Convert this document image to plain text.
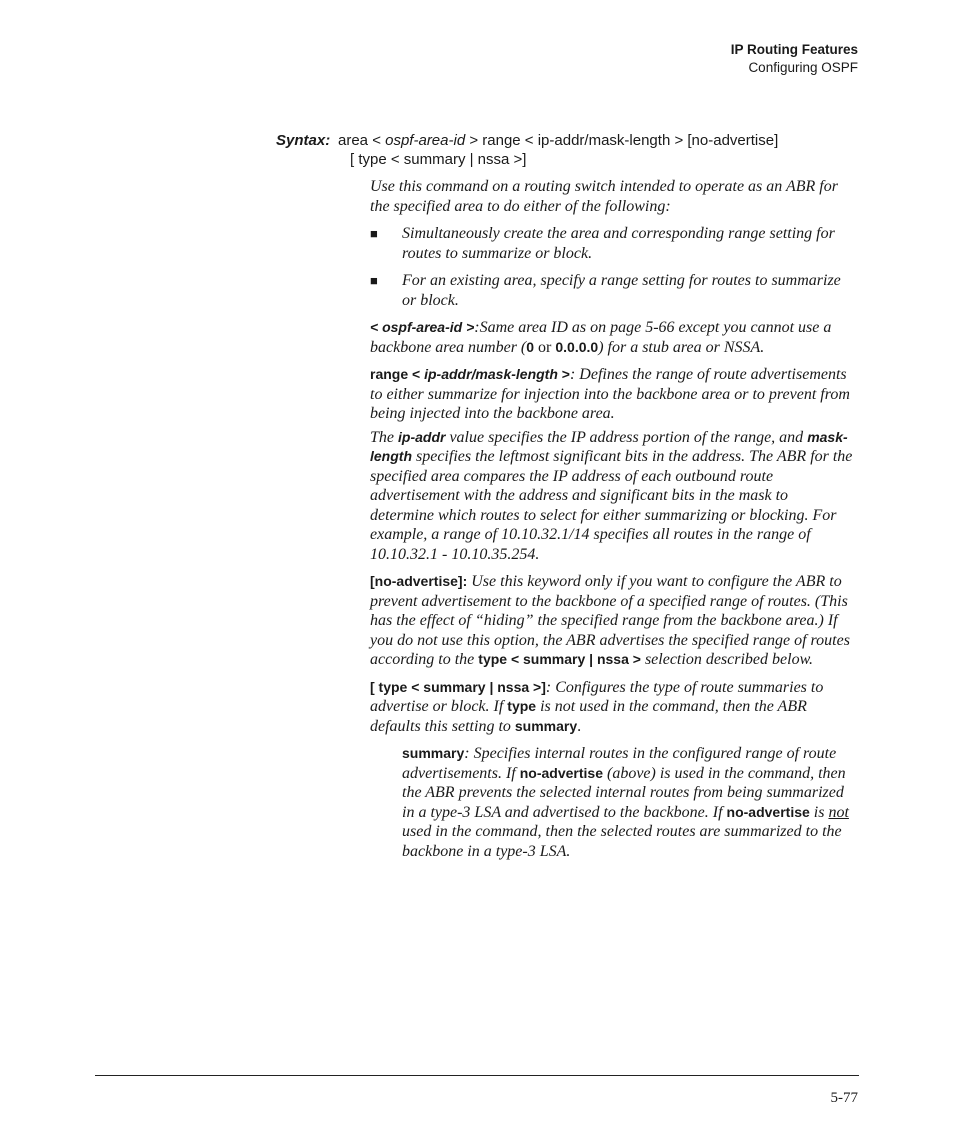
IP Routing Features
Configuring OSPF
Syntax: area < ospf-area-id > range < ip-addr/mask-length > [no-advertise]
[ type < summary | nssa >]

Use this command on a routing switch intended to operate as an ABR for the specified area to do either of the following:

■	Simultaneously create the area and corresponding range setting for routes to summarize or block.
■	For an existing area, specify a range setting for routes to summarize or block.

< ospf-area-id >:Same area ID as on page 5-66 except you cannot use a backbone area number (0 or 0.0.0.0) for a stub area or NSSA.

range < ip-addr/mask-length >: Defines the range of route advertisements to either summarize for injection into the backbone area or to prevent from being injected into the backbone area.

The ip-addr value specifies the IP address portion of the range, and mask-length specifies the leftmost significant bits in the address. The ABR for the specified area compares the IP address of each outbound route advertisement with the address and significant bits in the mask to determine which routes to select for either summarizing or blocking. For example, a range of 10.10.32.1/14 specifies all routes in the range of 10.10.32.1 - 10.10.35.254.

[no-advertise]: Use this keyword only if you want to configure the ABR to prevent advertisement to the backbone of a specified range of routes. (This has the effect of “hiding” the specified range from the backbone area.) If you do not use this option, the ABR advertises the specified range of routes according to the type < summary | nssa > selection described below.

[ type < summary | nssa >]: Configures the type of route summaries to advertise or block. If type is not used in the command, then the ABR defaults this setting to summary.

summary: Specifies internal routes in the configured range of route advertisements. If no-advertise (above) is used in the command, then the ABR prevents the selected internal routes from being summarized in a type-3 LSA and advertised to the backbone. If no-advertise is not used in the command, then the selected routes are summarized to the backbone in a type-3 LSA.

5-77
